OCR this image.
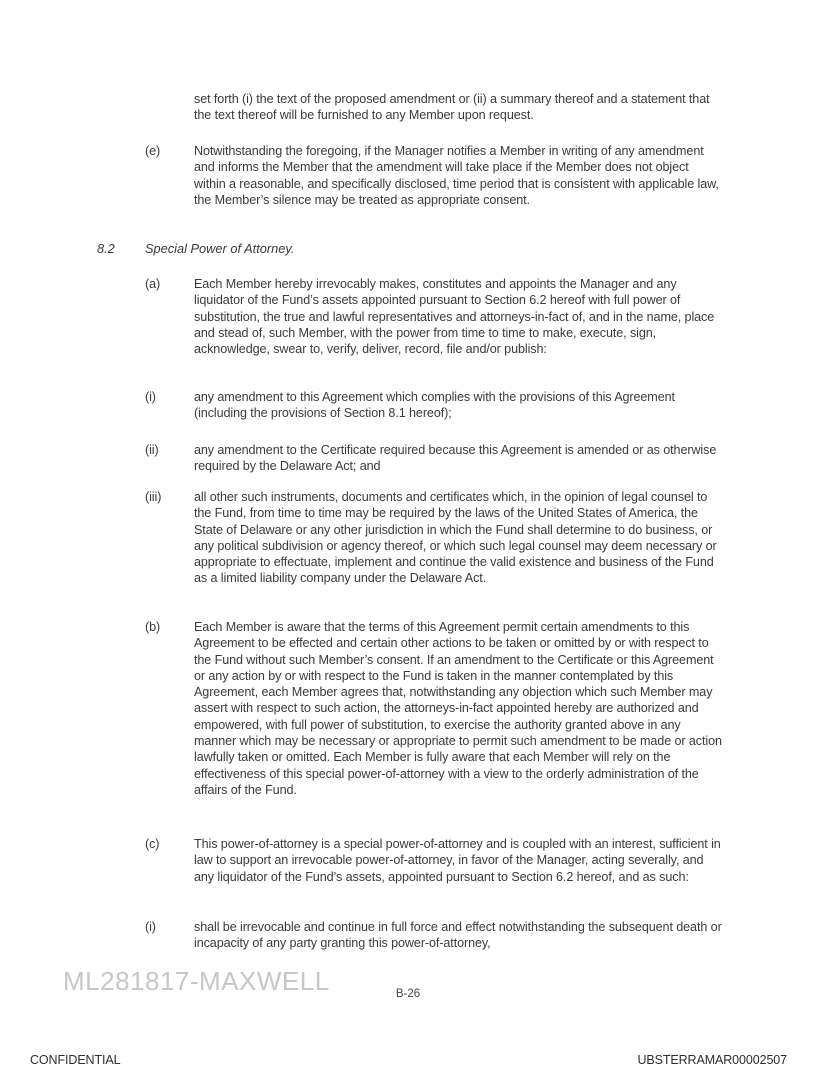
set forth (i) the text of the proposed amendment or (ii) a summary thereof and a statement that the text thereof will be furnished to any Member upon request.
(e)	Notwithstanding the foregoing, if the Manager notifies a Member in writing of any amendment and informs the Member that the amendment will take place if the Member does not object within a reasonable, and specifically disclosed, time period that is consistent with applicable law, the Member’s silence may be treated as appropriate consent.
8.2 Special Power of Attorney.
(a)	Each Member hereby irrevocably makes, constitutes and appoints the Manager and any liquidator of the Fund’s assets appointed pursuant to Section 6.2 hereof with full power of substitution, the true and lawful representatives and attorneys-in-fact of, and in the name, place and stead of, such Member, with the power from time to time to make, execute, sign, acknowledge, swear to, verify, deliver, record, file and/or publish:
(i)	any amendment to this Agreement which complies with the provisions of this Agreement (including the provisions of Section 8.1 hereof);
(ii)	any amendment to the Certificate required because this Agreement is amended or as otherwise required by the Delaware Act; and
(iii)	all other such instruments, documents and certificates which, in the opinion of legal counsel to the Fund, from time to time may be required by the laws of the United States of America, the State of Delaware or any other jurisdiction in which the Fund shall determine to do business, or any political subdivision or agency thereof, or which such legal counsel may deem necessary or appropriate to effectuate, implement and continue the valid existence and business of the Fund as a limited liability company under the Delaware Act.
(b)	Each Member is aware that the terms of this Agreement permit certain amendments to this Agreement to be effected and certain other actions to be taken or omitted by or with respect to the Fund without such Member’s consent. If an amendment to the Certificate or this Agreement or any action by or with respect to the Fund is taken in the manner contemplated by this Agreement, each Member agrees that, notwithstanding any objection which such Member may assert with respect to such action, the attorneys-in-fact appointed hereby are authorized and empowered, with full power of substitution, to exercise the authority granted above in any manner which may be necessary or appropriate to permit such amendment to be made or action lawfully taken or omitted. Each Member is fully aware that each Member will rely on the effectiveness of this special power-of-attorney with a view to the orderly administration of the affairs of the Fund.
(c)	This power-of-attorney is a special power-of-attorney and is coupled with an interest, sufficient in law to support an irrevocable power-of-attorney, in favor of the Manager, acting severally, and any liquidator of the Fund’s assets, appointed pursuant to Section 6.2 hereof, and as such:
(i)	shall be irrevocable and continue in full force and effect notwithstanding the subsequent death or incapacity of any party granting this power-of-attorney,
ML281817-MAXWELL	B-26
CONFIDENTIAL	UBSTERRAMAR00002507
